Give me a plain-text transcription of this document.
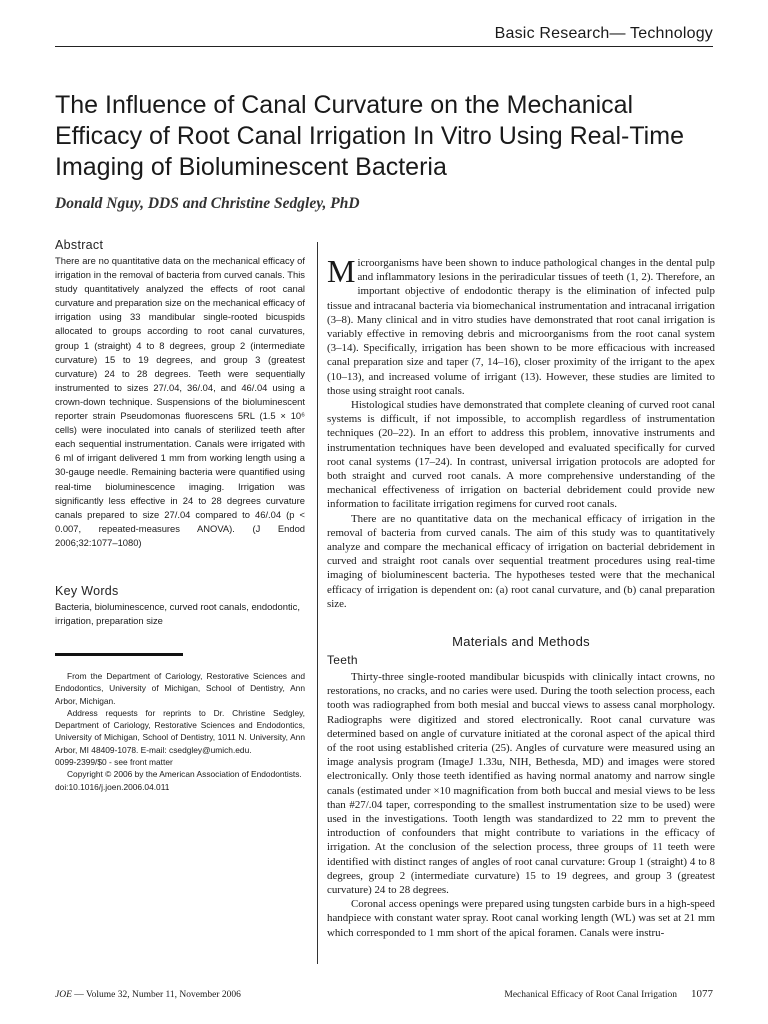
Basic Research— Technology
The Influence of Canal Curvature on the Mechanical Efficacy of Root Canal Irrigation In Vitro Using Real-Time Imaging of Bioluminescent Bacteria
Donald Nguy, DDS and Christine Sedgley, PhD
Abstract

There are no quantitative data on the mechanical efficacy of irrigation in the removal of bacteria from curved canals. This study quantitatively analyzed the effects of root canal curvature and preparation size on the mechanical efficacy of irrigation using 33 mandibular single-rooted bicuspids allocated to groups according to root canal curvatures, group 1 (straight) 4 to 8 degrees, group 2 (intermediate curvature) 15 to 19 degrees, and group 3 (greatest curvature) 24 to 28 degrees. Teeth were sequentially instrumented to sizes 27/.04, 36/.04, and 46/.04 using a crown-down technique. Suspensions of the bioluminescent reporter strain Pseudomonas fluorescens 5RL (1.5 × 10⁶ cells) were inoculated into canals of sterilized teeth after each sequential instrumentation. Canals were irrigated with 6 ml of irrigant delivered 1 mm from working length using a 30-gauge needle. Remaining bacteria were quantified using real-time bioluminescence imaging. Irrigation was significantly less effective in 24 to 28 degrees curvature canals prepared to size 27/.04 compared to 46/.04 (p < 0.007, repeated-measures ANOVA). (J Endod 2006;32:1077–1080)

Key Words

Bacteria, bioluminescence, curved root canals, endodontic, irrigation, preparation size

From the Department of Cariology, Restorative Sciences and Endodontics, University of Michigan, School of Dentistry, Ann Arbor, Michigan.

Address requests for reprints to Dr. Christine Sedgley, Department of Cariology, Restorative Sciences and Endodontics, University of Michigan, School of Dentistry, 1011 N. University, Ann Arbor, MI 48409-1078. E-mail: csedgley@umich.edu.

0099-2399/$0 - see front matter

Copyright © 2006 by the American Association of Endodontists.

doi:10.1016/j.joen.2006.04.011

Microorganisms have been shown to induce pathological changes in the dental pulp and inflammatory lesions in the periradicular tissues of teeth (1, 2). Therefore, an important objective of endodontic therapy is the elimination of infected pulp tissue and intracanal bacteria via biomechanical instrumentation and intracanal irrigation (3–8). Many clinical and in vitro studies have demonstrated that root canal irrigation is variably effective in removing debris and microorganisms from the root canal system (3–14). Specifically, irrigation has been shown to be more efficacious with increased canal preparation size and taper (7, 14–16), closer proximity of the irrigant to the apex (10–13), and increased volume of irrigant (13). However, these studies are limited to those using straight root canals.

Histological studies have demonstrated that complete cleaning of curved root canal systems is difficult, if not impossible, to accomplish regardless of instrumentation techniques (20–22). In an effort to address this problem, innovative instruments and instrumentation techniques have been developed and evaluated specifically for curved root canal systems (17–24). In contrast, universal irrigation protocols are adopted for both straight and curved root canals. A more comprehensive understanding of the mechanical effectiveness of irrigation on bacterial debridement could provide new information to facilitate irrigation regimens for curved root canals.

There are no quantitative data on the mechanical efficacy of irrigation in the removal of bacteria from curved canals. The aim of this study was to quantitatively analyze and compare the mechanical efficacy of irrigation on bacterial debridement in curved and straight root canals over sequential treatment procedures using real-time imaging of bioluminescent bacteria. The hypotheses tested were that the mechanical efficacy of irrigation is dependent on: (a) root canal curvature, and (b) canal preparation size.

Materials and Methods
Teeth

Thirty-three single-rooted mandibular bicuspids with clinically intact crowns, no restorations, no cracks, and no caries were used. During the tooth selection process, each tooth was radiographed from both mesial and buccal views to assess canal morphology. Radiographs were digitized and stored electronically. Root canal curvature was determined based on angle of curvature initiated at the coronal aspect of the apical third of the root using established criteria (25). Angles of curvature were measured using an image analysis program (ImageJ 1.33u, NIH, Bethesda, MD) and images were stored electronically. Only those teeth identified as having normal anatomy and narrow single canals (estimated under ×10 magnification from both buccal and mesial views to be less than #27/.04 taper, corresponding to the smallest instrumentation size to be used) were used in the investigations. Tooth length was standardized to 22 mm to prevent the introduction of confounders that might contribute to variations in the efficacy of irrigation. At the conclusion of the selection process, three groups of 11 teeth were identified with distinct ranges of angles of root canal curvature: Group 1 (straight) 4 to 8 degrees, group 2 (intermediate curvature) 15 to 19 degrees, and group 3 (greatest curvature) 24 to 28 degrees.

Coronal access openings were prepared using tungsten carbide burs in a high-speed handpiece with constant water spray. Root canal working length (WL) was set at 21 mm which corresponded to 1 mm short of the apical foramen. Canals were instru-

JOE — Volume 32, Number 11, November 2006	Mechanical Efficacy of Root Canal Irrigation 1077
